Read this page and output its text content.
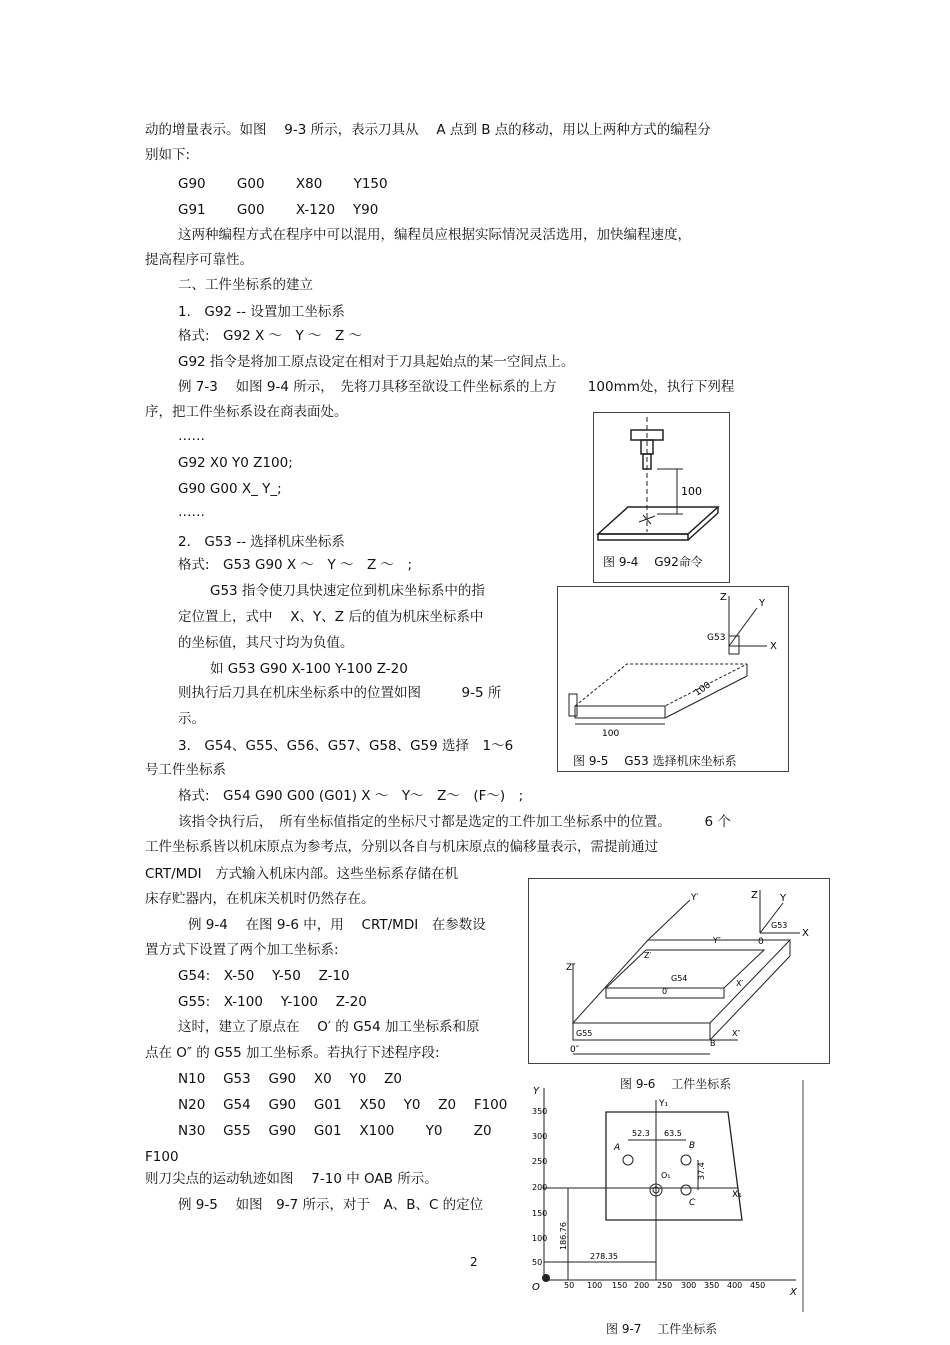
动的增量表示。如图　 9-3 所示，表示刀具从　 A 点到 B 点的移动，用以上两种方式的编程分
别如下:
G90　　 G00　　 X80　　 Y150
G91　　 G00　　 X-120　 Y90
这两种编程方式在程序中可以混用，编程员应根据实际情况灵活选用，加快编程速度，
提高程序可靠性。
二、工件坐标系的建立
1.　G92 -- 设置加工坐标系
格式:　G92 X ～　Y ～　Z ～
G92 指令是将加工原点设定在相对于刀具起始点的某一空间点上。
例 7-3　 如图 9-4 所示，　先将刀具移至欲设工件坐标系的上方　　 100mm处，执行下列程
序，把工件坐标系设在商表面处。
……
G92 X0 Y0 Z100;
G90 G00 X_ Y_;
……
2.　G53 -- 选择机床坐标系
格式:　G53 G90 X ～　Y ～　Z ～　;
G53 指令使刀具快速定位到机床坐标系中的指
定位置上，式中　 X、Y、Z 后的值为机床坐标系中
的坐标值，其尺寸均为负值。
如 G53 G90 X-100 Y-100 Z-20
则执行后刀具在机床坐标系中的位置如图　　　9-5 所
示。
3.　G54、G55、G56、G57、G58、G59 选择　1～6
号工件坐标系
格式:　G54 G90 G00 (G01) X ～　Y～　Z～　(F～)　;
该指令执行后，　所有坐标值指定的坐标尺寸都是选定的工件加工坐标系中的位置。　　　6 个
工件坐标系皆以机床原点为参考点，分别以各自与机床原点的偏移量表示，需提前通过
CRT/MDI　方式输入机床内部。这些坐标系存储在机
床存贮器内，在机床关机时仍然存在。
例 9-4　 在图 9-6 中，用　 CRT/MDI　在参数设
置方式下设置了两个加工坐标系:
G54:　X-50　 Y-50　 Z-10
G55:　X-100　 Y-100　 Z-20
这时，建立了原点在　 O′ 的 G54 加工坐标系和原
点在 O″ 的 G55 加工坐标系。若执行下述程序段:
N10　 G53　 G90　 X0　 Y0　 Z0
N20　 G54　 G90　 G01　 X50　 Y0　 Z0　 F100
N30　 G55　 G90　 G01　 X100　　 Y0　　 Z0
F100
则刀尖点的运动轨迹如图　 7-10 中 OAB 所示。
例 9-5　 如图　9-7 所示，对于　A、B、C 的定位
2
100
图 9-4　 G92命令
Z
Y
X
G53
100
100
图 9-5　 G53 选择机床坐标系
Z Y
X
G53
0
Y′
Z″
Z′
Y″
X′
X″
G54
G55
0′
0″
B
图 9-6　 工件坐标系
Y
X
O
350
300
250
200
150
100
50
50 100 150 200 250 300 350 400 450
Y₁
X₁
O₁
A	B
C
52.3 63.5
37.4
186.76
278.35
图 9-7　 工件坐标系
